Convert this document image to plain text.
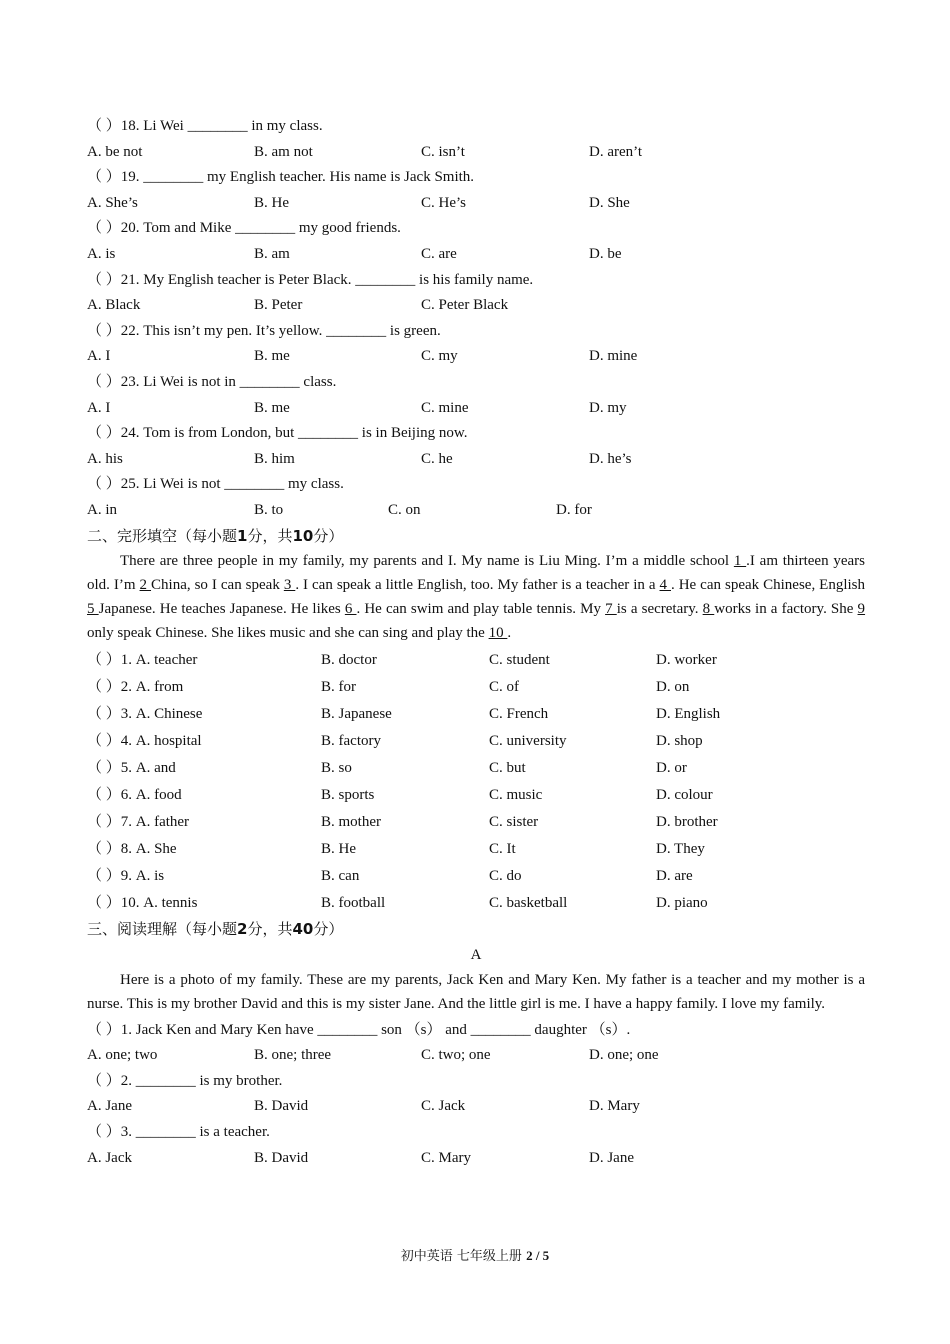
（ ）18. Li Wei ________ in my class.
A. be not	B. am not	C. isn’t	D. aren’t
（ ）19. ________ my English teacher. His name is Jack Smith.
A. She’s	B. He	C. He’s	D. She
（ ）20. Tom and Mike ________ my good friends.
A. is	B. am	C. are	D. be
（ ）21. My English teacher is Peter Black. ________ is his family name.
A. Black	B. Peter	C. Peter Black
（ ）22. This isn’t my pen. It’s yellow. ________ is green.
A. I	B. me	C. my	D. mine
（ ）23. Li Wei is not in ________ class.
A. I	B. me	C. mine	D. my
（ ）24. Tom is from London, but ________ is in Beijing now.
A. his	B. him	C. he	D. he’s
（ ）25. Li Wei is not ________ my class.
A. in	B. to	C. on	D. for
二、完形填空（每小题1分，共10分）

There are three people in my family, my parents and I. My name is Liu Ming. I’m a middle school 1 .I am thirteen years old. I’m 2 China, so I can speak 3 . I can speak a little English, too. My father is a teacher in a 4 . He can speak Chinese, English 5 Japanese. He teaches Japanese. He likes 6 . He can swim and play table tennis. My 7 is a secretary. 8 works in a factory. She 9 only speak Chinese. She likes music and she can sing and play the 10 .

（ ）1. A. teacher	B. doctor	C. student	D. worker
（ ）2. A. from	B. for	C. of	D. on
（ ）3. A. Chinese	B. Japanese	C. French	D. English
（ ）4. A. hospital	B. factory	C. university	D. shop
（ ）5. A. and	B. so	C. but	D. or
（ ）6. A. food	B. sports	C. music	D. colour
（ ）7. A. father	B. mother	C. sister	D. brother
（ ）8. A. She	B. He	C. It	D. They
（ ）9. A. is	B. can	C. do	D. are
（ ）10. A. tennis	B. football	C. basketball	D. piano
三、阅读理解（每小题2分，共40分）
A

Here is a photo of my family. These are my parents, Jack Ken and Mary Ken. My father is a teacher and my mother is a nurse. This is my brother David and this is my sister Jane. And the little girl is me. I have a happy family. I love my family.

（ ）1. Jack Ken and Mary Ken have ________ son （s） and ________ daughter （s）.
A. one; two	B. one; three	C. two; one	D. one; one
（ ）2. ________ is my brother.
A. Jane	B. David	C. Jack	D. Mary
（ ）3. ________ is a teacher.
A. Jack	B. David	C. Mary	D. Jane
初中英语 七年级上册 2 / 5
